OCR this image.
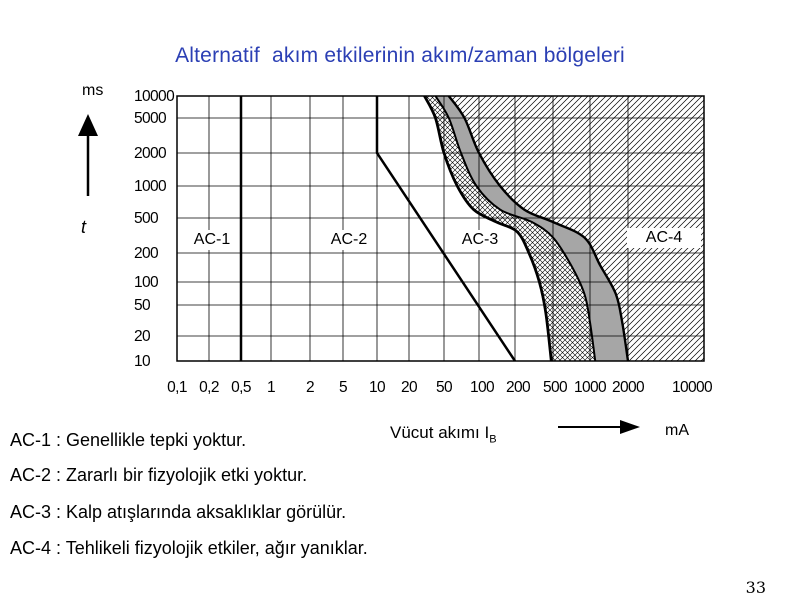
Alternatif  akım etkilerinin akım/zaman bölgeleri
AC-1	AC-2	AC-3	AC-4
10000
5000
2000
1000
500
200
100
50
20
10
0,1 0,2 0,5 1 2 5 10 20 50 100 200 500 1000 2000 10000
ms
t
Vücut akımı $I_B$
mA
AC-1 : Genellikle tepki yoktur.
AC-2 : Zararlı bir fizyolojik etki yoktur.
AC-3 : Kalp atışlarında aksaklıklar görülür.
AC-4 : Tehlikeli fizyolojik etkiler, ağır yanıklar.
33
